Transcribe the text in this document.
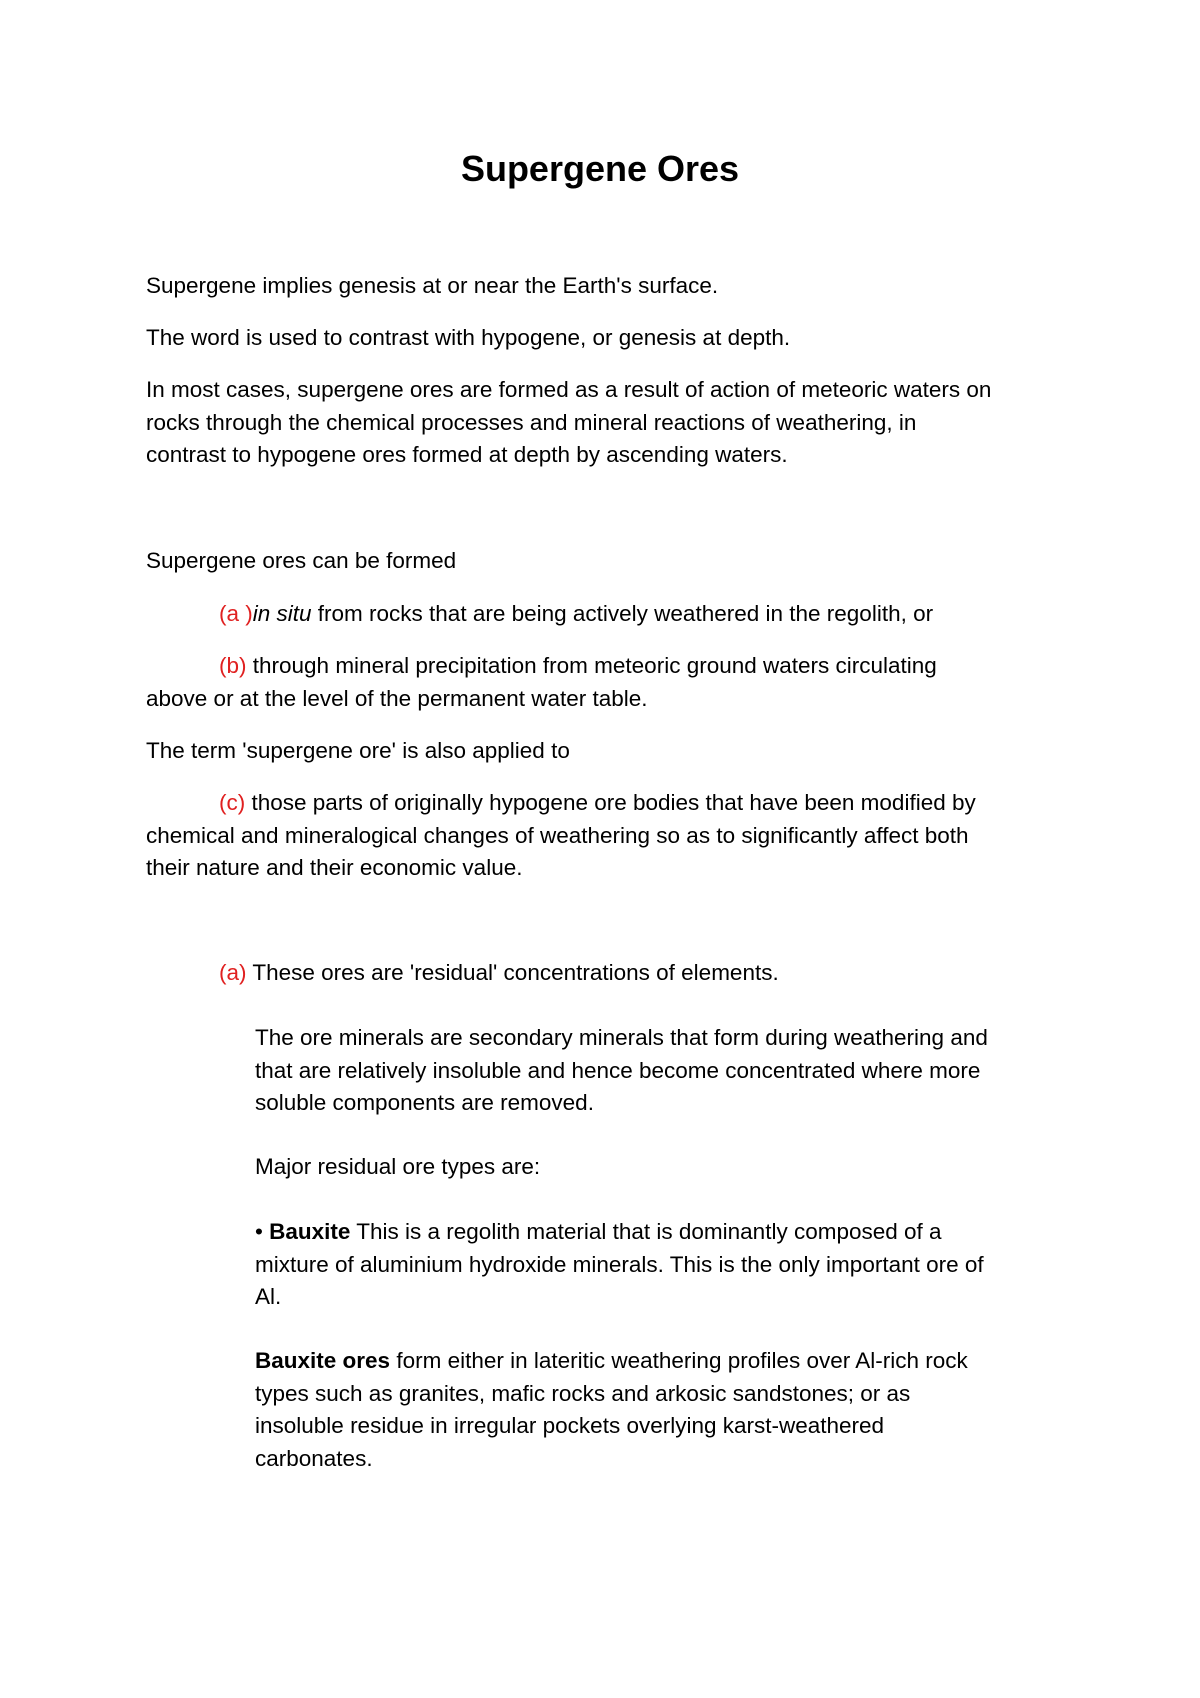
Supergene Ores

Supergene implies genesis at or near the Earth's surface.

The word is used to contrast with hypogene, or genesis at depth.

In most cases, supergene ores are formed as a result of action of meteoric waters on
rocks through the chemical processes and mineral reactions of weathering, in
contrast to hypogene ores formed at depth by ascending waters.

Supergene ores can be formed

(a )in situ from rocks that are being actively weathered in the regolith, or

(b) through mineral precipitation from meteoric ground waters circulating
above or at the level of the permanent water table.

The term 'supergene ore' is also applied to

(c) those parts of originally hypogene ore bodies that have been modified by
chemical and mineralogical changes of weathering so as to significantly affect both
their nature and their economic value.

(a) These ores are 'residual' concentrations of elements.

The ore minerals are secondary minerals that form during weathering and
that are relatively insoluble and hence become concentrated where more
soluble components are removed.

Major residual ore types are:

• Bauxite This is a regolith material that is dominantly composed of a
mixture of aluminium hydroxide minerals. This is the only important ore of
Al.
Bauxite ores form either in lateritic weathering profiles over Al-rich rock
types such as granites, mafic rocks and arkosic sandstones; or as
insoluble residue in irregular pockets overlying karst-weathered
carbonates.
